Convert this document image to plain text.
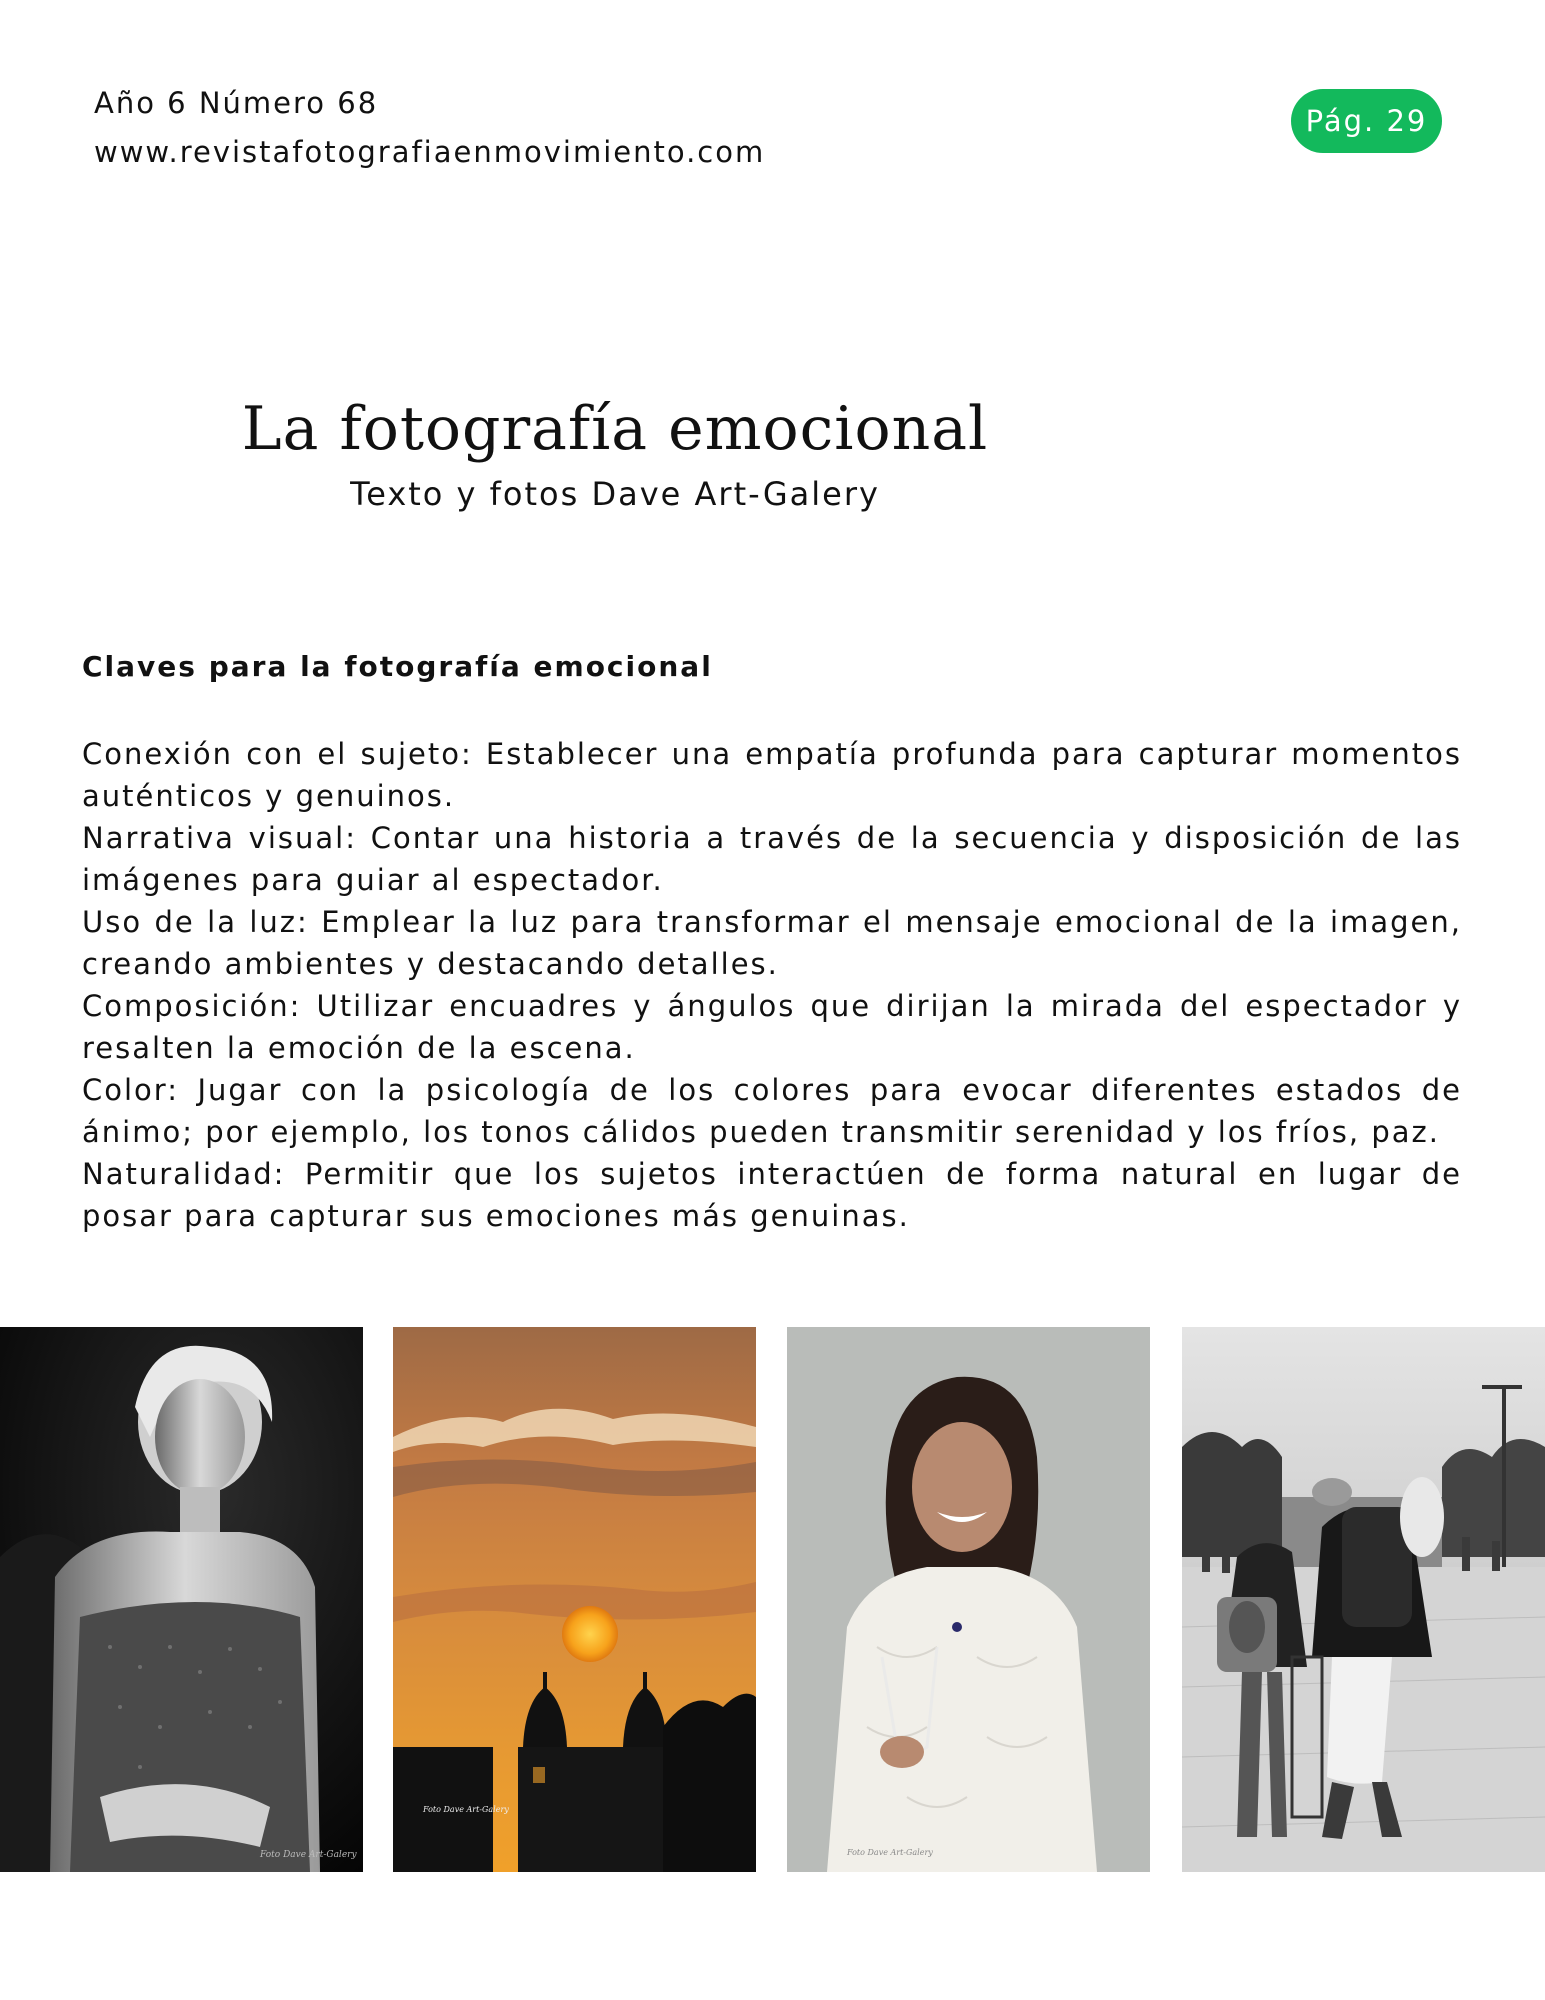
Año 6 Número 68
www.revistafotografiaenmovimiento.com
Pág. 29
La fotografía emocional
Texto y fotos Dave Art-Galery
Claves para la fotografía emocional

Conexión con el sujeto: Establecer una empatía profunda para capturar momentos auténticos y genuinos.

Narrativa visual: Contar una historia a través de la secuencia y disposición de las imágenes para guiar al espectador.

Uso de la luz: Emplear la luz para transformar el mensaje emocional de la imagen, creando ambientes y destacando detalles.

Composición: Utilizar encuadres y ángulos que dirijan la mirada del espectador y resalten la emoción de la escena.

Color: Jugar con la psicología de los colores para evocar diferentes estados de ánimo; por ejemplo, los tonos cálidos pueden transmitir serenidad y los fríos, paz.

Naturalidad: Permitir que los sujetos interactúen de forma natural en lugar de posar para capturar sus emociones más genuinas.

Foto Dave Art-Galery
Foto Dave Art-Galery
Foto Dave Art-Galery
